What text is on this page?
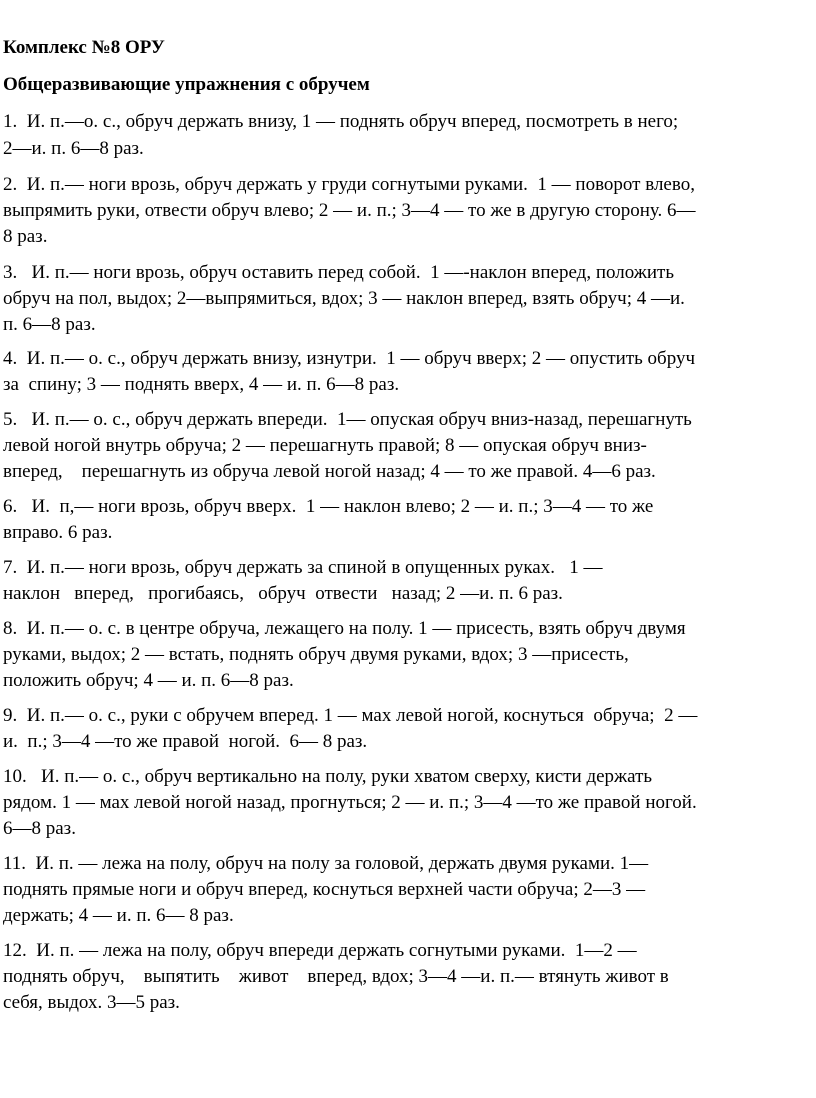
Комплекс №8 ОРУ
Общеразвивающие упражнения с обручем
1.  И. п.—о. с., обруч держать внизу, 1 — поднять обруч вперед, посмотреть в него;
2—и. п. 6—8 раз.
2.  И. п.— ноги врозь, обруч держать у груди согнутыми руками.  1 — поворот влево,
выпрямить руки, отвести обруч влево; 2 — и. п.; 3—4 — то же в другую сторону. 6—
8 раз.
3.   И. п.— ноги врозь, обруч оставить перед собой.  1 —-наклон вперед, положить
обруч на пол, выдох; 2—выпрямиться, вдох; 3 — наклон вперед, взять обруч; 4 —и.
п. 6—8 раз.
4.  И. п.— о. с., обруч держать внизу, изнутри.  1 — обруч вверх; 2 — опустить обруч
за  спину; 3 — поднять вверх, 4 — и. п. 6—8 раз.
5.   И. п.— о. с., обруч держать впереди.  1— опуская обруч вниз-назад, перешагнуть
левой ногой внутрь обруча; 2 — перешагнуть правой; 8 — опуская обруч вниз-
вперед,    перешагнуть из обруча левой ногой назад; 4 — то же правой. 4—6 раз.
6.   И.  п,— ноги врозь, обруч вверх.  1 — наклон влево; 2 — и. п.; 3—4 — то же
вправо. 6 раз.
7.  И. п.— ноги врозь, обруч держать за спиной в опущенных руках.   1 —
наклон   вперед,   прогибаясь,   обруч  отвести   назад; 2 —и. п. 6 раз.
8.  И. п.— о. с. в центре обруча, лежащего на полу. 1 — присесть, взять обруч двумя
руками, выдох; 2 — встать, поднять обруч двумя руками, вдох; 3 —присесть,
положить обруч; 4 — и. п. 6—8 раз.
9.  И. п.— о. с., руки с обручем вперед. 1 — мах левой ногой, коснуться  обруча;  2 —
и.  п.; 3—4 —то же правой  ногой.  6— 8 раз.
10.   И. п.— о. с., обруч вертикально на полу, руки хватом сверху, кисти держать
рядом. 1 — мах левой ногой назад, прогнуться; 2 — и. п.; 3—4 —то же правой ногой.
6—8 раз.
11.  И. п. — лежа на полу, обруч на полу за головой, держать двумя руками. 1—
поднять прямые ноги и обруч вперед, коснуться верхней части обруча; 2—3 —
держать; 4 — и. п. 6— 8 раз.
12.  И. п. — лежа на полу, обруч впереди держать согнутыми руками.  1—2 —
поднять обруч,    выпятить    живот    вперед, вдох; 3—4 —и. п.— втянуть живот в
себя, выдох. 3—5 раз.
